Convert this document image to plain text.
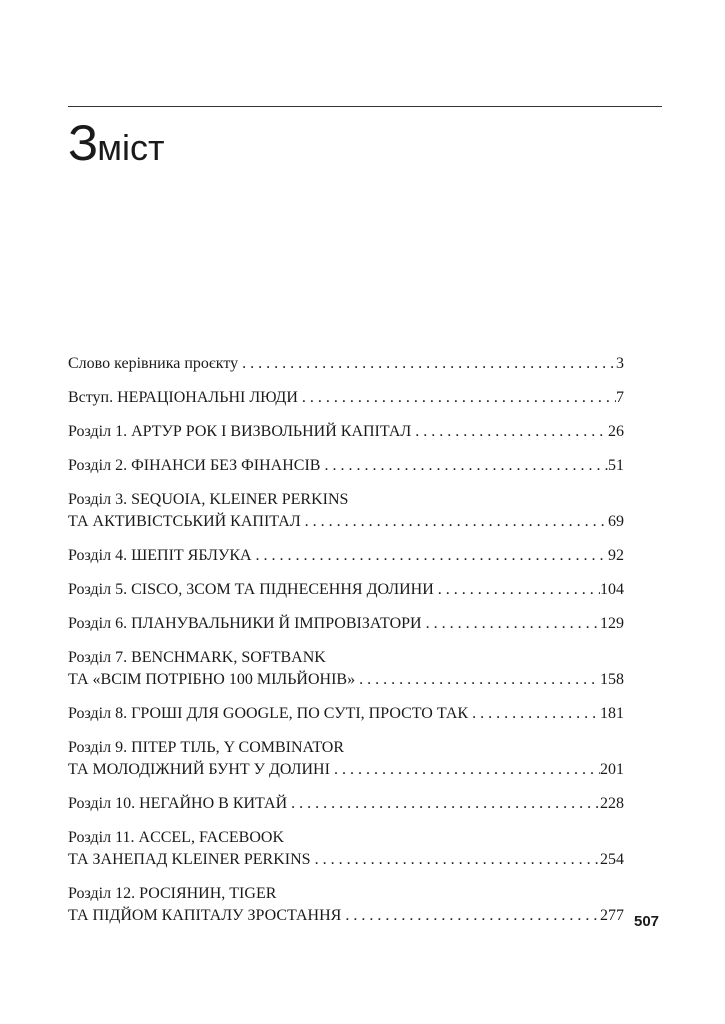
Зміст
Слово керівника проєкту . . .	3
Вступ. НЕРАЦІОНАЛЬНІ ЛЮДИ . . .	7
Розділ 1. АРТУР РОК І ВИЗВОЛЬНИЙ КАПІТАЛ . . .	26
Розділ 2. ФІНАНСИ БЕЗ ФІНАНСІВ . . .	51
Розділ 3. SEQUOIA, KLEINER PERKINS
ТА АКТИВІСТСЬКИЙ КАПІТАЛ . . .	69
Розділ 4. ШЕПІТ ЯБЛУКА . . .	92
Розділ 5. CISCO, 3COM ТА ПІДНЕСЕННЯ ДОЛИНИ . . .	104
Розділ 6. ПЛАНУВАЛЬНИКИ Й ІМПРОВІЗАТОРИ . . .	129
Розділ 7. BENCHMARK, SOFTBANK
ТА «ВСІМ ПОТРІБНО 100 МІЛЬЙОНІВ» . . .	158
Розділ 8. ГРОШІ ДЛЯ GOOGLE, ПО СУТІ, ПРОСТО ТАК . . .	181
Розділ 9. ПІТЕР ТІЛЬ, Y COMBINATOR
ТА МОЛОДІЖНИЙ БУНТ У ДОЛИНІ . . .	201
Розділ 10. НЕГАЙНО В КИТАЙ . . .	228
Розділ 11. ACCEL, FACEBOOK
ТА ЗАНЕПАД KLEINER PERKINS . . .	254
Розділ 12. РОСІЯНИН, TIGER
ТА ПІДЙОМ КАПІТАЛУ ЗРОСТАННЯ . . .	277 507
